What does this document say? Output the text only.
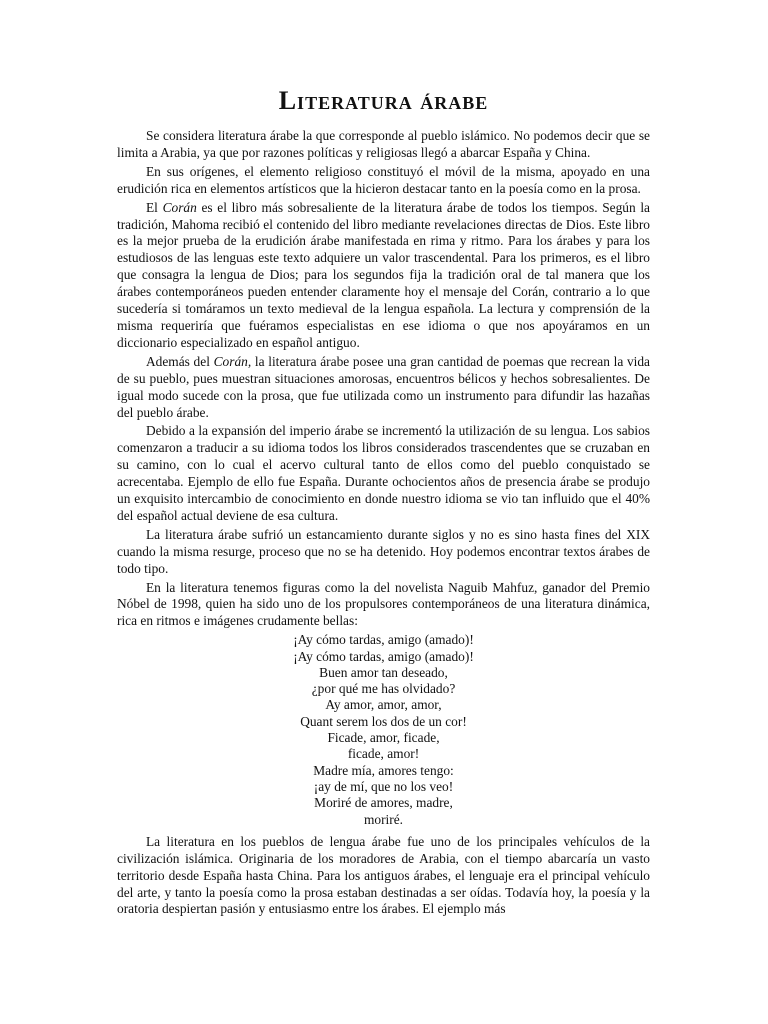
Literatura árabe

Se considera literatura árabe la que corresponde al pueblo islámico. No podemos decir que se limita a Arabia, ya que por razones políticas y religiosas llegó a abarcar España y China.

En sus orígenes, el elemento religioso constituyó el móvil de la misma, apoyado en una erudición rica en elementos artísticos que la hicieron destacar tanto en la poesía como en la prosa.

El Corán es el libro más sobresaliente de la literatura árabe de todos los tiempos. Según la tradición, Mahoma recibió el contenido del libro mediante revelaciones directas de Dios. Este libro es la mejor prueba de la erudición árabe manifestada en rima y ritmo. Para los árabes y para los estudiosos de las lenguas este texto adquiere un valor trascendental. Para los primeros, es el libro que consagra la lengua de Dios; para los segundos fija la tradición oral de tal manera que los árabes contemporáneos pueden entender claramente hoy el mensaje del Corán, contrario a lo que sucedería si tomáramos un texto medieval de la lengua española. La lectura y comprensión de la misma requeriría que fuéramos especialistas en ese idioma o que nos apoyáramos en un diccionario especializado en español antiguo.

Además del Corán, la literatura árabe posee una gran cantidad de poemas que recrean la vida de su pueblo, pues muestran situaciones amorosas, encuentros bélicos y hechos sobresalientes. De igual modo sucede con la prosa, que fue utilizada como un instrumento para difundir las hazañas del pueblo árabe.

Debido a la expansión del imperio árabe se incrementó la utilización de su lengua. Los sabios comenzaron a traducir a su idioma todos los libros considerados trascendentes que se cruzaban en su camino, con lo cual el acervo cultural tanto de ellos como del pueblo conquistado se acrecentaba. Ejemplo de ello fue España. Durante ochocientos años de presencia árabe se produjo un exquisito intercambio de conocimiento en donde nuestro idioma se vio tan influido que el 40% del español actual deviene de esa cultura.

La literatura árabe sufrió un estancamiento durante siglos y no es sino hasta fines del XIX cuando la misma resurge, proceso que no se ha detenido. Hoy podemos encontrar textos árabes de todo tipo.

En la literatura tenemos figuras como la del novelista Naguib Mahfuz, ganador del Premio Nóbel de 1998, quien ha sido uno de los propulsores contemporáneos de una literatura dinámica, rica en ritmos e imágenes crudamente bellas:

¡Ay cómo tardas, amigo (amado)!
¡Ay cómo tardas, amigo (amado)!
Buen amor tan deseado,
¿por qué me has olvidado?
Ay amor, amor, amor,
Quant serem los dos de un cor!
Ficade, amor, ficade,
ficade, amor!
Madre mía, amores tengo:
¡ay de mí, que no los veo!
Moriré de amores, madre,
moriré.

La literatura en los pueblos de lengua árabe fue uno de los principales vehículos de la civilización islámica. Originaria de los moradores de Arabia, con el tiempo abarcaría un vasto territorio desde España hasta China. Para los antiguos árabes, el lenguaje era el principal vehículo del arte, y tanto la poesía como la prosa estaban destinadas a ser oídas. Todavía hoy, la poesía y la oratoria despiertan pasión y entusiasmo entre los árabes. El ejemplo más
